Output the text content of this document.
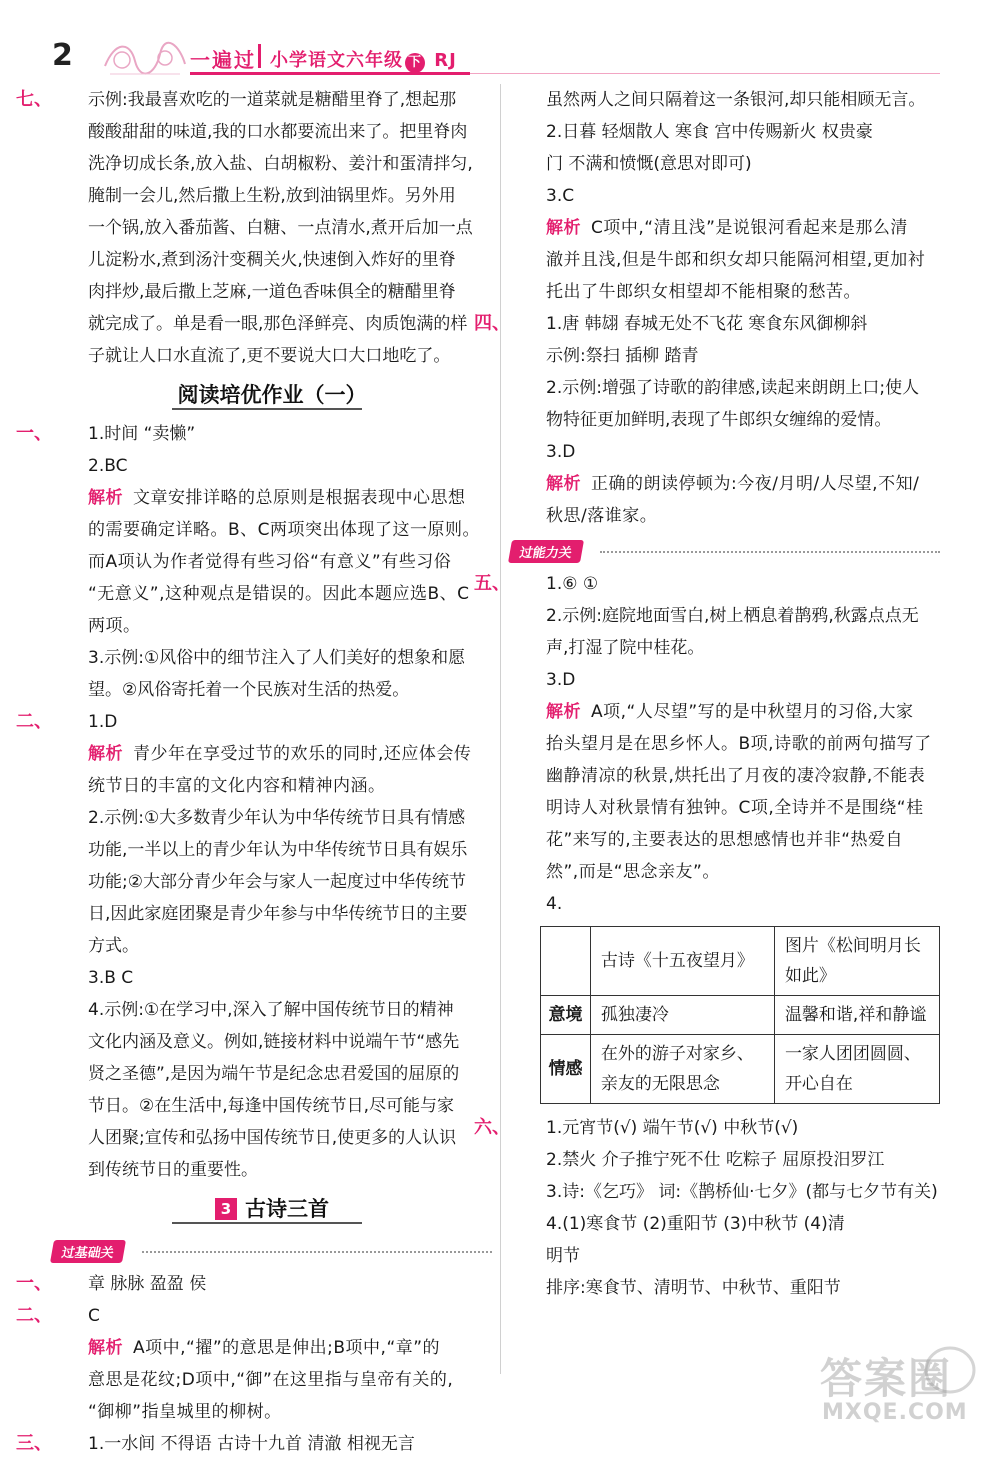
2	一遍过 小学语文六年级 下 RJ
七、 示例:我最喜欢吃的一道菜就是糖醋里脊了,想起那
酸酸甜甜的味道,我的口水都要流出来了。把里脊肉
洗净切成长条,放入盐、白胡椒粉、姜汁和蛋清拌匀,
腌制一会儿,然后撒上生粉,放到油锅里炸。另外用
一个锅,放入番茄酱、白糖、一点清水,煮开后加一点
儿淀粉水,煮到汤汁变稠关火,快速倒入炸好的里脊
肉拌炒,最后撒上芝麻,一道色香味俱全的糖醋里脊
就完成了。单是看一眼,那色泽鲜亮、肉质饱满的样
子就让人口水直流了,更不要说大口大口地吃了。
阅读培优作业（一）
一、 1.时间 “卖懒”
2.BC
解析 文章安排详略的总原则是根据表现中心思想
的需要确定详略。B、C两项突出体现了这一原则。
而A项认为作者觉得有些习俗“有意义”有些习俗
“无意义”,这种观点是错误的。因此本题应选B、C
两项。
3.示例:①风俗中的细节注入了人们美好的想象和愿
望。②风俗寄托着一个民族对生活的热爱。
二、 1.D
解析 青少年在享受过节的欢乐的同时,还应体会传
统节日的丰富的文化内容和精神内涵。
2.示例:①大多数青少年认为中华传统节日具有情感
功能,一半以上的青少年认为中华传统节日具有娱乐
功能;②大部分青少年会与家人一起度过中华传统节
日,因此家庭团聚是青少年参与中华传统节日的主要
方式。
3.B C
4.示例:①在学习中,深入了解中国传统节日的精神
文化内涵及意义。例如,链接材料中说端午节“感先
贤之圣德”,是因为端午节是纪念忠君爱国的屈原的
节日。②在生活中,每逢中国传统节日,尽可能与家
人团聚;宣传和弘扬中国传统节日,使更多的人认识
到传统节日的重要性。
3 古诗三首
过基础关
一、 章 脉脉 盈盈 侯
二、 C
解析 A项中,“擢”的意思是伸出;B项中,“章”的
意思是花纹;D项中,“御”在这里指与皇帝有关的,
“御柳”指皇城里的柳树。
三、 1.一水间 不得语 古诗十九首 清澈 相视无言
虽然两人之间只隔着这一条银河,却只能相顾无言。
2.日暮 轻烟散人 寒食 宫中传赐新火 权贵豪
门 不满和愤慨(意思对即可)
3.C
解析 C项中,“清且浅”是说银河看起来是那么清
澈并且浅,但是牛郎和织女却只能隔河相望,更加衬
托出了牛郎织女相望却不能相聚的愁苦。
四、 1.唐 韩翃 春城无处不飞花 寒食东风御柳斜
示例:祭扫 插柳 踏青
2.示例:增强了诗歌的韵律感,读起来朗朗上口;使人
物特征更加鲜明,表现了牛郎织女缠绵的爱情。
3.D
解析 正确的朗读停顿为:今夜/月明/人尽望,不知/
秋思/落谁家。
过能力关
五、 1.⑥ ①
2.示例:庭院地面雪白,树上栖息着鹊鸦,秋露点点无
声,打湿了院中桂花。
3.D
解析 A项,“人尽望”写的是中秋望月的习俗,大家
抬头望月是在思乡怀人。B项,诗歌的前两句描写了
幽静清凉的秋景,烘托出了月夜的凄冷寂静,不能表
明诗人对秋景情有独钟。C项,全诗并不是围绕“桂
花”来写的,主要表达的思想感情也并非“热爱自
然”,而是“思念亲友”。
4.
	古诗《十五夜望月》	图片《松间明月长如此》
意境	孤独凄冷	温馨和谐,祥和静谧
情感	在外的游子对家乡、亲友的无限思念	一家人团团圆圆、开心自在
六、 1.元宵节(√) 端午节(√) 中秋节(√)
2.禁火 介子推宁死不仕 吃粽子 屈原投汨罗江
3.诗:《乞巧》 词:《鹊桥仙·七夕》(都与七夕节有关)
4.(1)寒食节 (2)重阳节 (3)中秋节 (4)清
明节
排序:寒食节、清明节、中秋节、重阳节
答案圈
MXQE.COM
